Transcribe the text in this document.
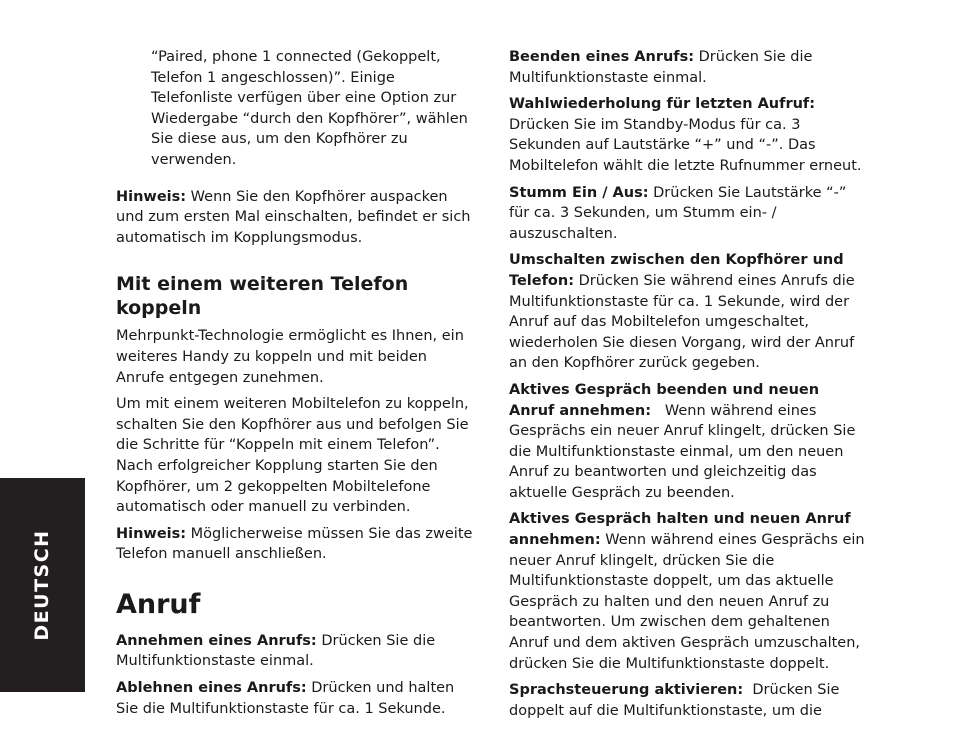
DEUTSCH

“Paired, phone 1 connected (Gekoppelt, Telefon 1 angeschlossen)”. Einige Telefonliste verfügen über eine Option zur Wiedergabe “durch den Kopfhörer”, wählen Sie diese aus, um den Kopfhörer zu verwenden.

Hinweis: Wenn Sie den Kopfhörer auspacken und zum ersten Mal einschalten, befindet er sich automatisch im Kopplungsmodus.

Mit einem weiteren Telefon koppeln

Mehrpunkt-Technologie ermöglicht es Ihnen, ein weiteres Handy zu koppeln und mit beiden Anrufe entgegen zunehmen.

Um mit einem weiteren Mobiltelefon zu koppeln, schalten Sie den Kopfhörer aus und befolgen Sie die Schritte für “Koppeln mit einem Telefon”. Nach erfolgreicher Kopplung starten Sie den Kopfhörer, um 2 gekoppelten Mobiltelefone automatisch oder manuell zu verbinden.

Hinweis: Möglicherweise müssen Sie das zweite Telefon manuell anschließen.

Anruf

Annehmen eines Anrufs: Drücken Sie die Multifunktionstaste einmal.

Ablehnen eines Anrufs: Drücken und halten Sie die Multifunktionstaste für ca. 1 Sekunde.

Beenden eines Anrufs: Drücken Sie die Multifunktionstaste einmal.

Wahlwiederholung für letzten Aufruf: Drücken Sie im Standby-Modus für ca. 3 Sekunden auf Lautstärke “+” und “-”. Das Mobiltelefon wählt die letzte Rufnummer erneut.

Stumm Ein / Aus: Drücken Sie Lautstärke “-” für ca. 3 Sekunden, um Stumm ein- / auszuschalten.

Umschalten zwischen den Kopfhörer und Telefon: Drücken Sie während eines Anrufs die Multifunktionstaste für ca. 1 Sekunde, wird der Anruf auf das Mobiltelefon umgeschaltet, wiederholen Sie diesen Vorgang, wird der Anruf an den Kopfhörer zurück gegeben.

Aktives Gespräch beenden und neuen Anruf annehmen:   Wenn während eines Gesprächs ein neuer Anruf klingelt, drücken Sie die Multifunktionstaste einmal, um den neuen Anruf zu beantworten und gleichzeitig das aktuelle Gespräch zu beenden.

Aktives Gespräch halten und neuen Anruf annehmen: Wenn während eines Gesprächs ein neuer Anruf klingelt, drücken Sie die Multifunktionstaste doppelt, um das aktuelle Gespräch zu halten und den neuen Anruf zu beantworten. Um zwischen dem gehaltenen Anruf und dem aktiven Gespräch umzuschalten, drücken Sie die Multifunktionstaste doppelt.

Sprachsteuerung aktivieren:  Drücken Sie doppelt auf die Multifunktionstaste, um die
